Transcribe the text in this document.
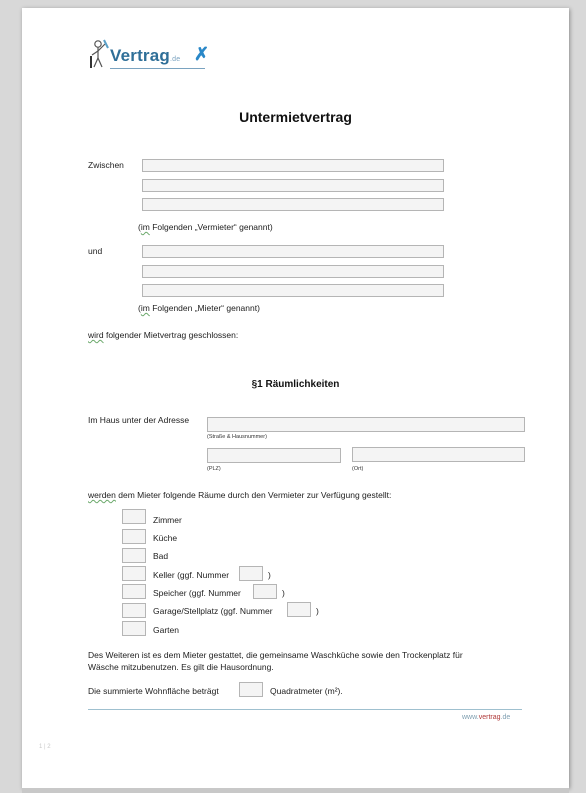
Vertrag.de ✗
Untermietvertrag
Zwischen
(im Folgenden „Vermieter“ genannt)
und
(im Folgenden „Mieter“ genannt)
wird folgender Mietvertrag geschlossen:
§1 Räumlichkeiten
Im Haus unter der Adresse
(Straße & Hausnummer)
(PLZ)	(Ort)
werden dem Mieter folgende Räume durch den Vermieter zur Verfügung gestellt:
Zimmer
Küche
Bad
Keller (ggf. Nummer	)
Speicher (ggf. Nummer	)
Garage/Stellplatz (ggf. Nummer	)
Garten
Des Weiteren ist es dem Mieter gestattet, die gemeinsame Waschküche sowie den Trockenplatz für
Wäsche mitzubenutzen. Es gilt die Hausordnung.
Die summierte Wohnfläche beträgt	Quadratmeter (m²).
www.vertrag.de
1 | 2
